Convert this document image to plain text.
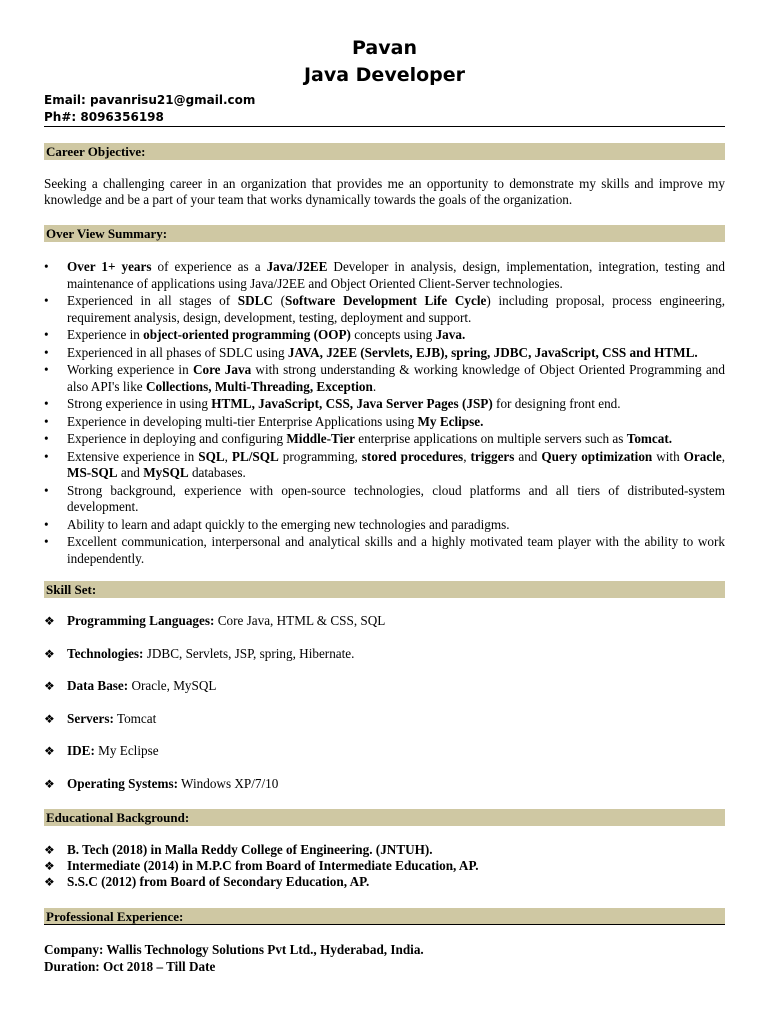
Pavan
Java Developer
Email: pavanrisu21@gmail.com
Ph#: 8096356198
Career Objective:
Seeking a challenging career in an organization that provides me an opportunity to demonstrate my skills and improve my knowledge and be a part of your team that works dynamically towards the goals of the organization.
Over View Summary:
• Over 1+ years of experience as a Java/J2EE Developer in analysis, design, implementation, integration, testing and maintenance of applications using Java/J2EE and Object Oriented Client-Server technologies.
• Experienced in all stages of SDLC (Software Development Life Cycle) including proposal, process engineering, requirement analysis, design, development, testing, deployment and support.
• Experience in object-oriented programming (OOP) concepts using Java.
• Experienced in all phases of SDLC using JAVA, J2EE (Servlets, EJB), spring, JDBC, JavaScript, CSS and HTML.
• Working experience in Core Java with strong understanding & working knowledge of Object Oriented Programming and also API's like Collections, Multi-Threading, Exception.
• Strong experience in using HTML, JavaScript, CSS, Java Server Pages (JSP) for designing front end.
• Experience in developing multi-tier Enterprise Applications using My Eclipse.
• Experience in deploying and configuring Middle-Tier enterprise applications on multiple servers such as Tomcat.
• Extensive experience in SQL, PL/SQL programming, stored procedures, triggers and Query optimization with Oracle, MS-SQL and MySQL databases.
• Strong background, experience with open-source technologies, cloud platforms and all tiers of distributed-system development.
• Ability to learn and adapt quickly to the emerging new technologies and paradigms.
• Excellent communication, interpersonal and analytical skills and a highly motivated team player with the ability to work independently.
Skill Set:
❖ Programming Languages: Core Java, HTML & CSS, SQL
❖ Technologies: JDBC, Servlets, JSP, spring, Hibernate.
❖ Data Base: Oracle, MySQL
❖ Servers: Tomcat
❖ IDE: My Eclipse
❖ Operating Systems: Windows XP/7/10
Educational Background:
❖ B. Tech (2018) in Malla Reddy College of Engineering. (JNTUH).
❖ Intermediate (2014) in M.P.C from Board of Intermediate Education, AP.
❖ S.S.C (2012) from Board of Secondary Education, AP.
Professional Experience:
Company: Wallis Technology Solutions Pvt Ltd., Hyderabad, India.
Duration: Oct 2018 – Till Date
